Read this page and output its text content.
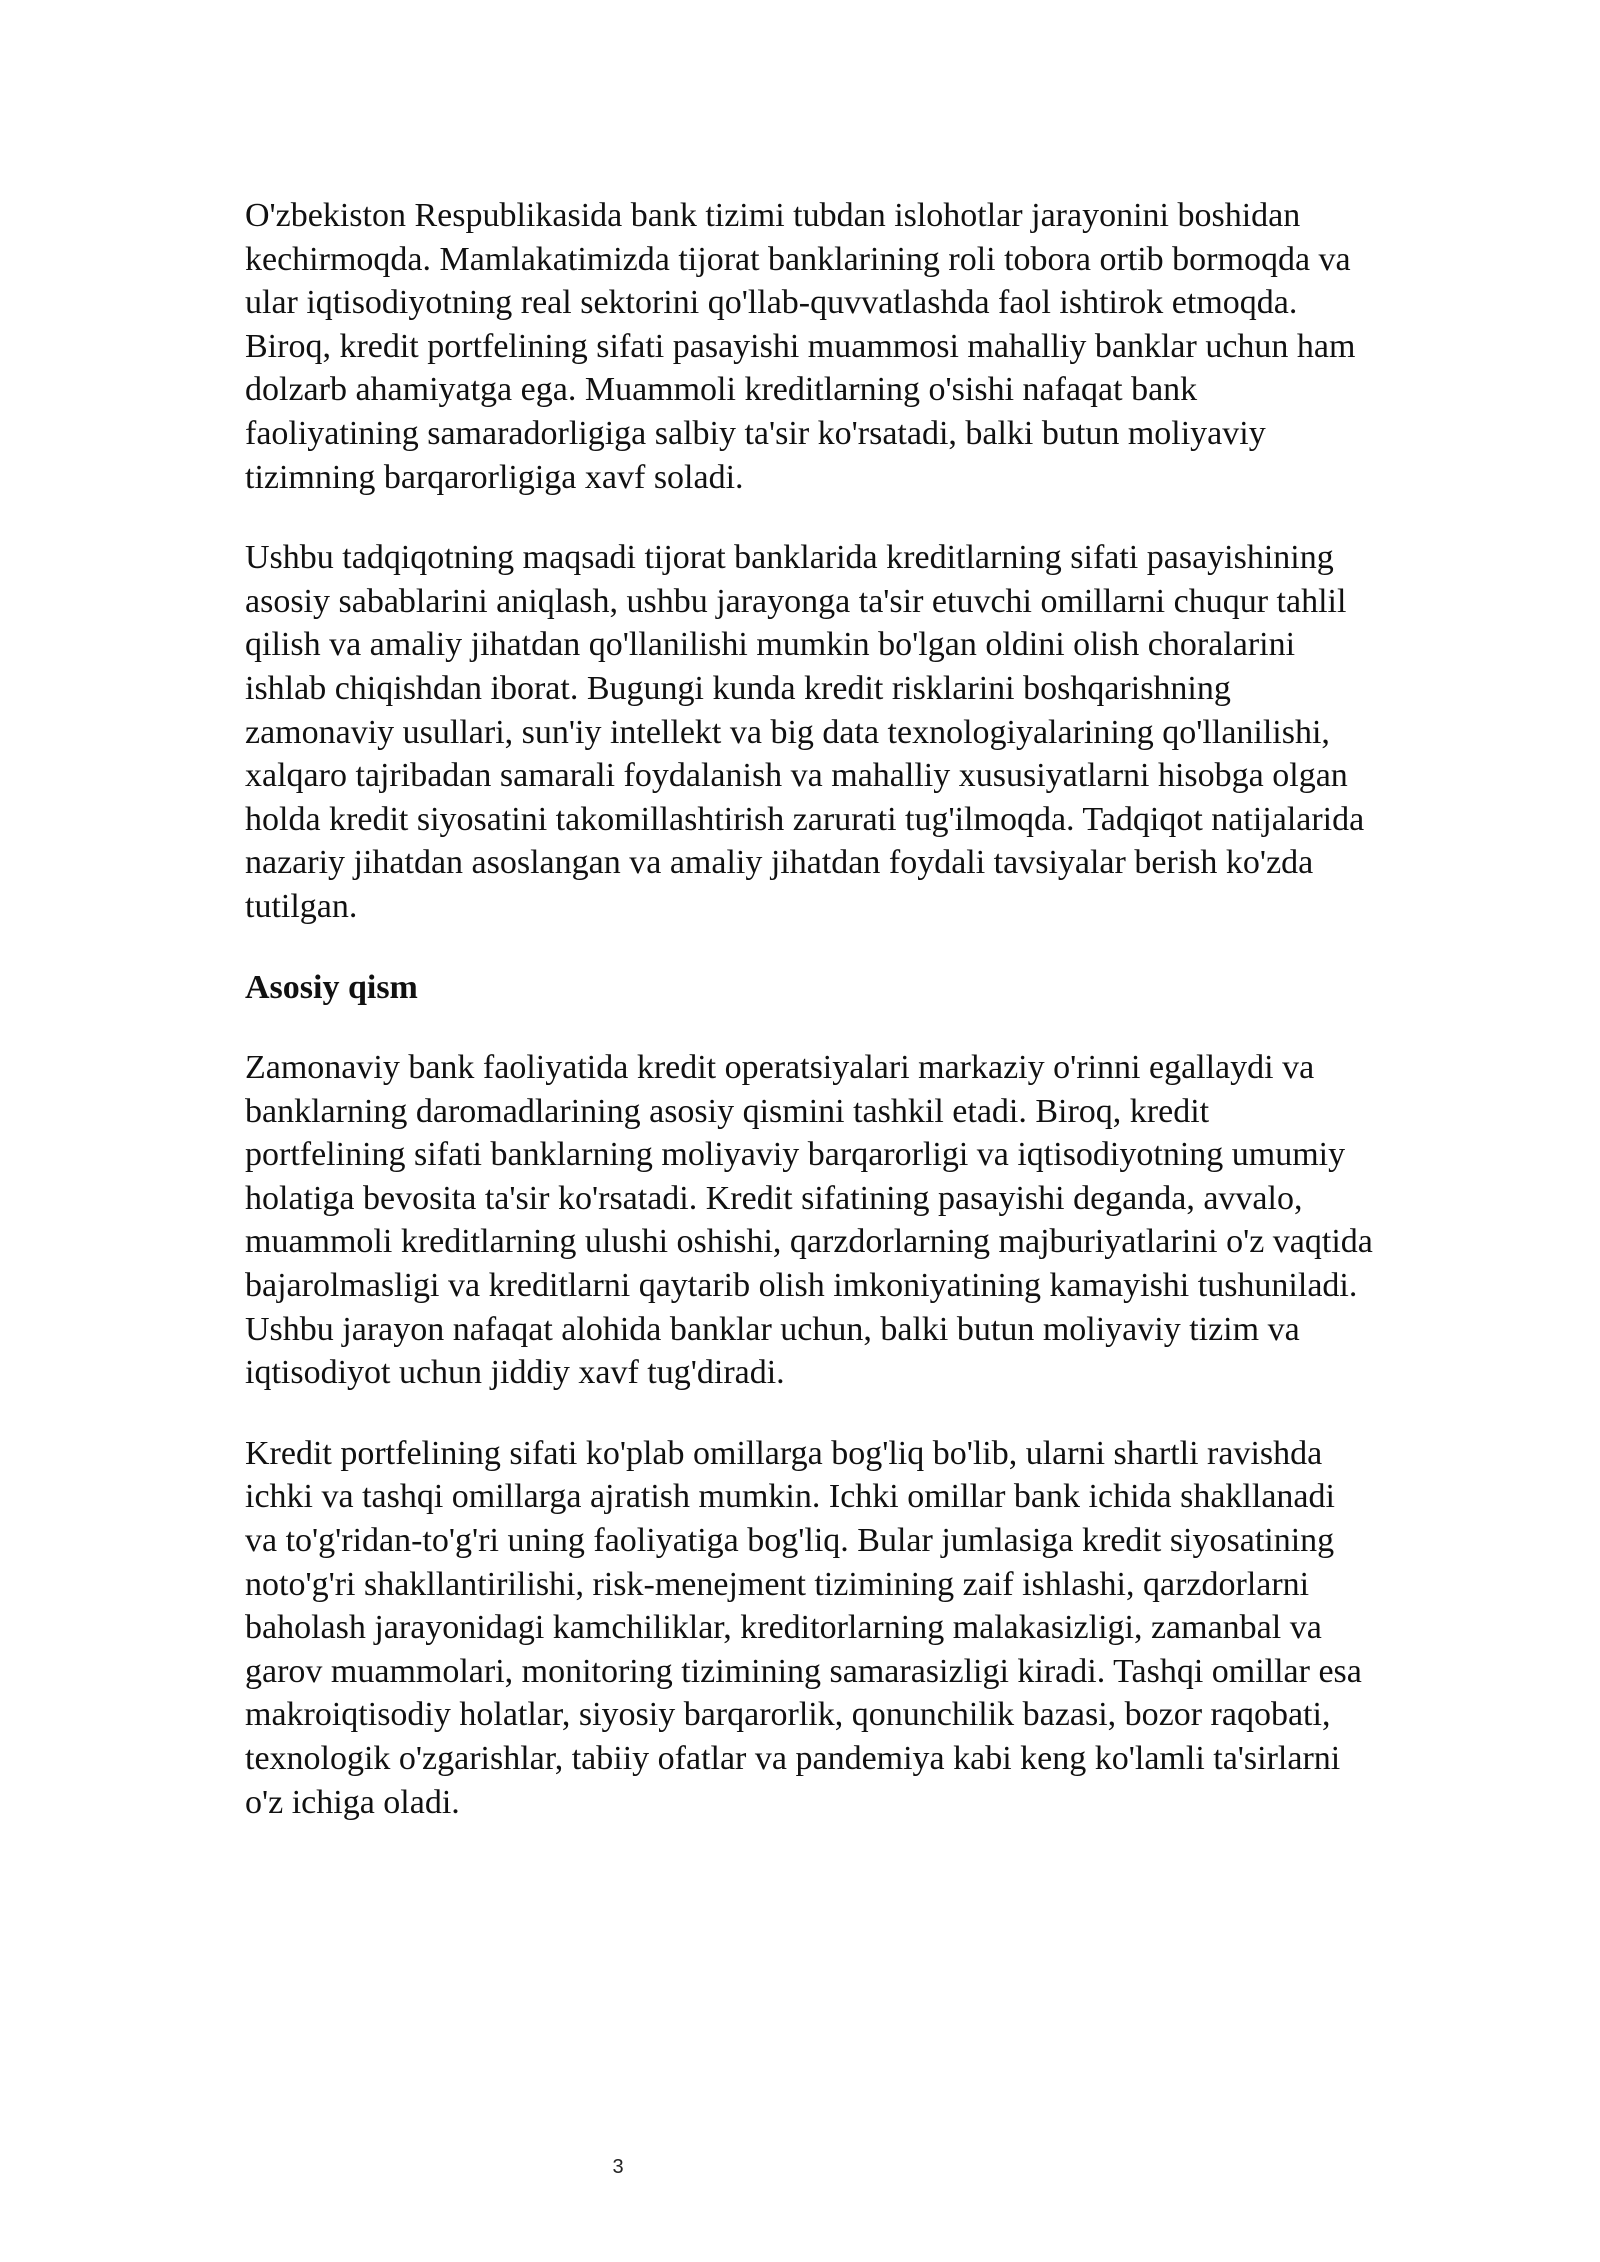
O'zbekiston Respublikasida bank tizimi tubdan islohotlar jarayonini boshidan kechirmoqda. Mamlakatimizda tijorat banklarining roli tobora ortib bormoqda va ular iqtisodiyotning real sektorini qo'llab-quvvatlashda faol ishtirok etmoqda. Biroq, kredit portfelining sifati pasayishi muammosi mahalliy banklar uchun ham dolzarb ahamiyatga ega. Muammoli kreditlarning o'sishi nafaqat bank faoliyatining samaradorligiga salbiy ta'sir ko'rsatadi, balki butun moliyaviy tizimning barqarorligiga xavf soladi.

Ushbu tadqiqotning maqsadi tijorat banklarida kreditlarning sifati pasayishining asosiy sabablarini aniqlash, ushbu jarayonga ta'sir etuvchi omillarni chuqur tahlil qilish va amaliy jihatdan qo'llanilishi mumkin bo'lgan oldini olish choralarini ishlab chiqishdan iborat. Bugungi kunda kredit risklarini boshqarishning zamonaviy usullari, sun'iy intellekt va big data texnologiyalarining qo'llanilishi, xalqaro tajribadan samarali foydalanish va mahalliy xususiyatlarni hisobga olgan holda kredit siyosatini takomillashtirish zarurati tug'ilmoqda. Tadqiqot natijalarida nazariy jihatdan asoslangan va amaliy jihatdan foydali tavsiyalar berish ko'zda tutilgan.

Asosiy qism

Zamonaviy bank faoliyatida kredit operatsiyalari markaziy o'rinni egallaydi va banklarning daromadlarining asosiy qismini tashkil etadi. Biroq, kredit portfelining sifati banklarning moliyaviy barqarorligi va iqtisodiyotning umumiy holatiga bevosita ta'sir ko'rsatadi. Kredit sifatining pasayishi deganda, avvalo, muammoli kreditlarning ulushi oshishi, qarzdorlarning majburiyatlarini o'z vaqtida bajarolmasligi va kreditlarni qaytarib olish imkoniyatining kamayishi tushuniladi. Ushbu jarayon nafaqat alohida banklar uchun, balki butun moliyaviy tizim va iqtisodiyot uchun jiddiy xavf tug'diradi.

Kredit portfelining sifati ko'plab omillarga bog'liq bo'lib, ularni shartli ravishda ichki va tashqi omillarga ajratish mumkin. Ichki omillar bank ichida shakllanadi va to'g'ridan-to'g'ri uning faoliyatiga bog'liq. Bular jumlasiga kredit siyosatining noto'g'ri shakllantirilishi, risk-menejment tizimining zaif ishlashi, qarzdorlarni baholash jarayonidagi kamchiliklar, kreditorlarning malakasizligi, zamanbal va garov muammolari, monitoring tizimining samarasizligi kiradi. Tashqi omillar esa makroiqtisodiy holatlar, siyosiy barqarorlik, qonunchilik bazasi, bozor raqobati, texnologik o'zgarishlar, tabiiy ofatlar va pandemiya kabi keng ko'lamli ta'sirlarni o'z ichiga oladi.

3
